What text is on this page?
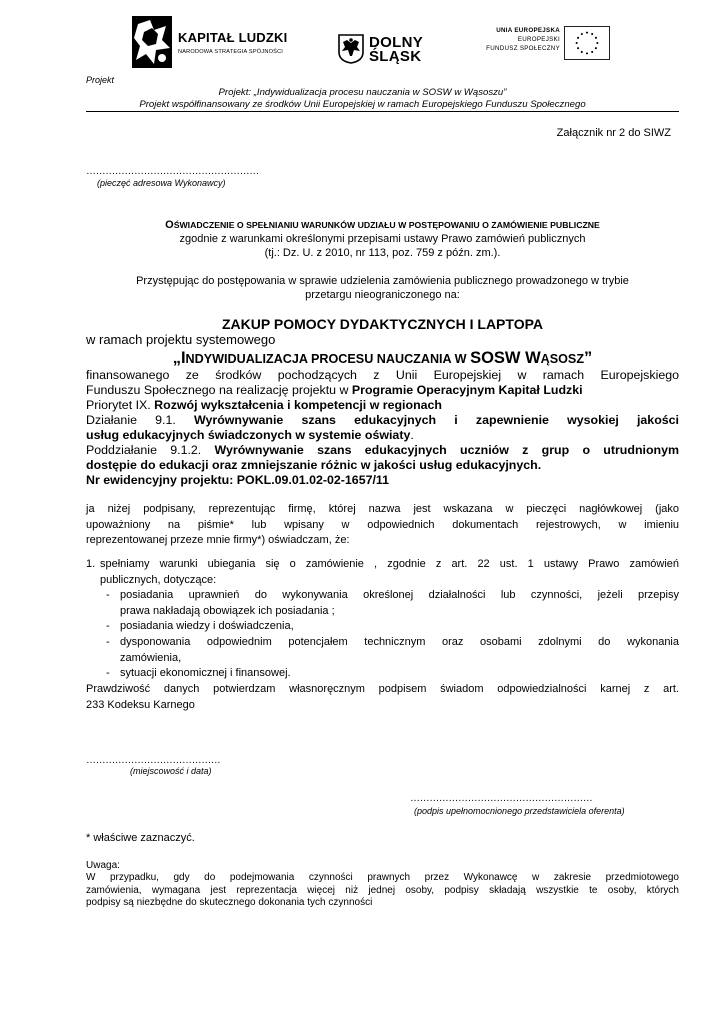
KAPITAŁ LUDZKI
NARODOWA STRATEGIA SPÓJNOŚCI
DOLNY
ŚLĄSK
UNIA EUROPEJSKA
EUROPEJSKI
FUNDUSZ SPOŁECZNY
Projekt
Projekt: „Indywidualizacja procesu nauczania w SOSW w Wąsoszu”
Projekt współfinansowany ze środków Unii Europejskiej w ramach Europejskiego Funduszu Społecznego
Załącznik nr 2 do SIWZ
………………………………………………
(pieczęć adresowa Wykonawcy)
OŚWIADCZENIE O SPEŁNIANIU WARUNKÓW UDZIAŁU W POSTĘPOWANIU O ZAMÓWIENIE PUBLICZNE
zgodnie z warunkami określonymi przepisami ustawy Prawo zamówień publicznych
(tj.: Dz. U. z 2010, nr 113, poz. 759 z późn. zm.).
Przystępując do postępowania w sprawie udzielenia zamówienia publicznego prowadzonego w trybie
przetargu nieograniczonego na:
ZAKUP POMOCY DYDAKTYCZNYCH I LAPTOPA
w ramach projektu systemowego
„INDYWIDUALIZACJA PROCESU NAUCZANIA W SOSW WĄSOSZ”
finansowanego ze środków pochodzących z Unii Europejskiej w ramach Europejskiego
Funduszu Społecznego na realizację projektu w Programie Operacyjnym Kapitał Ludzki
Priorytet IX. Rozwój wykształcenia i kompetencji w regionach
Działanie 9.1. Wyrównywanie szans edukacyjnych i zapewnienie wysokiej jakości
usług edukacyjnych świadczonych w systemie oświaty.
Poddziałanie 9.1.2. Wyrównywanie szans edukacyjnych uczniów z grup o utrudnionym
dostępie do edukacji oraz zmniejszanie różnic w jakości usług edukacyjnych.
Nr ewidencyjny projektu: POKL.09.01.02-02-1657/11
ja niżej podpisany, reprezentując firmę, której nazwa jest wskazana w pieczęci nagłówkowej (jako
upoważniony na piśmie* lub wpisany w odpowiednich dokumentach rejestrowych, w imieniu
reprezentowanej przeze mnie firmy*) oświadczam, że:
1. spełniamy warunki ubiegania się o zamówienie , zgodnie z art. 22 ust. 1 ustawy Prawo zamówień
publicznych, dotyczące:
- posiadania uprawnień do wykonywania określonej działalności lub czynności, jeżeli przepisy
prawa nakładają obowiązek ich posiadania ;
- posiadania wiedzy i doświadczenia,
- dysponowania odpowiednim potencjałem technicznym oraz osobami zdolnymi do wykonania
zamówienia,
- sytuacji ekonomicznej i finansowej.
Prawdziwość danych potwierdzam własnoręcznym podpisem świadom odpowiedzialności karnej z art.
233 Kodeksu Karnego
……………………………………
(miejscowość i data)
…………………………………………………
(podpis upełnomocnionego przedstawiciela oferenta)
* właściwe zaznaczyć.
Uwaga:
W przypadku, gdy do podejmowania czynności prawnych przez Wykonawcę w zakresie przedmiotowego
zamówienia, wymagana jest reprezentacja więcej niż jednej osoby, podpisy składają wszystkie te osoby, których
podpisy są niezbędne do skutecznego dokonania tych czynności
